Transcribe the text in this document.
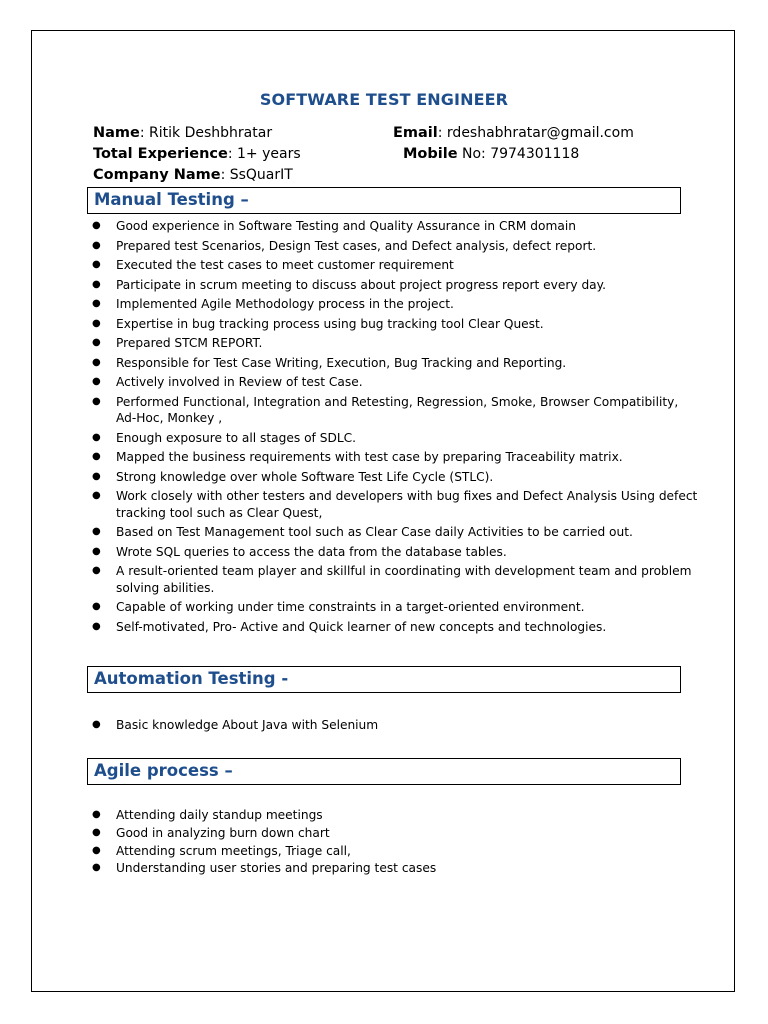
SOFTWARE TEST ENGINEER
Name: Ritik Deshbhratar
Total Experience: 1+ years
Company Name: SsQuarIT
Email: rdeshabhratar@gmail.com
Mobile No: 7974301118
Manual Testing –
● Good experience in Software Testing and Quality Assurance in CRM domain
● Prepared test Scenarios, Design Test cases, and Defect analysis, defect report.
● Executed the test cases to meet customer requirement
● Participate in scrum meeting to discuss about project progress report every day.
● Implemented Agile Methodology process in the project.
● Expertise in bug tracking process using bug tracking tool Clear Quest.
● Prepared STCM REPORT.
● Responsible for Test Case Writing, Execution, Bug Tracking and Reporting.
● Actively involved in Review of test Case.
● Performed Functional, Integration and Retesting, Regression, Smoke, Browser Compatibility,
Ad-Hoc, Monkey ,
● Enough exposure to all stages of SDLC.
● Mapped the business requirements with test case by preparing Traceability matrix.
● Strong knowledge over whole Software Test Life Cycle (STLC).
● Work closely with other testers and developers with bug fixes and Defect Analysis Using defect
tracking tool such as Clear Quest,
● Based on Test Management tool such as Clear Case daily Activities to be carried out.
● Wrote SQL queries to access the data from the database tables.
● A result-oriented team player and skillful in coordinating with development team and problem
solving abilities.
● Capable of working under time constraints in a target-oriented environment.
● Self-motivated, Pro- Active and Quick learner of new concepts and technologies.
Automation Testing -
● Basic knowledge About Java with Selenium
Agile process –
● Attending daily standup meetings
● Good in analyzing burn down chart
● Attending scrum meetings, Triage call,
● Understanding user stories and preparing test cases
